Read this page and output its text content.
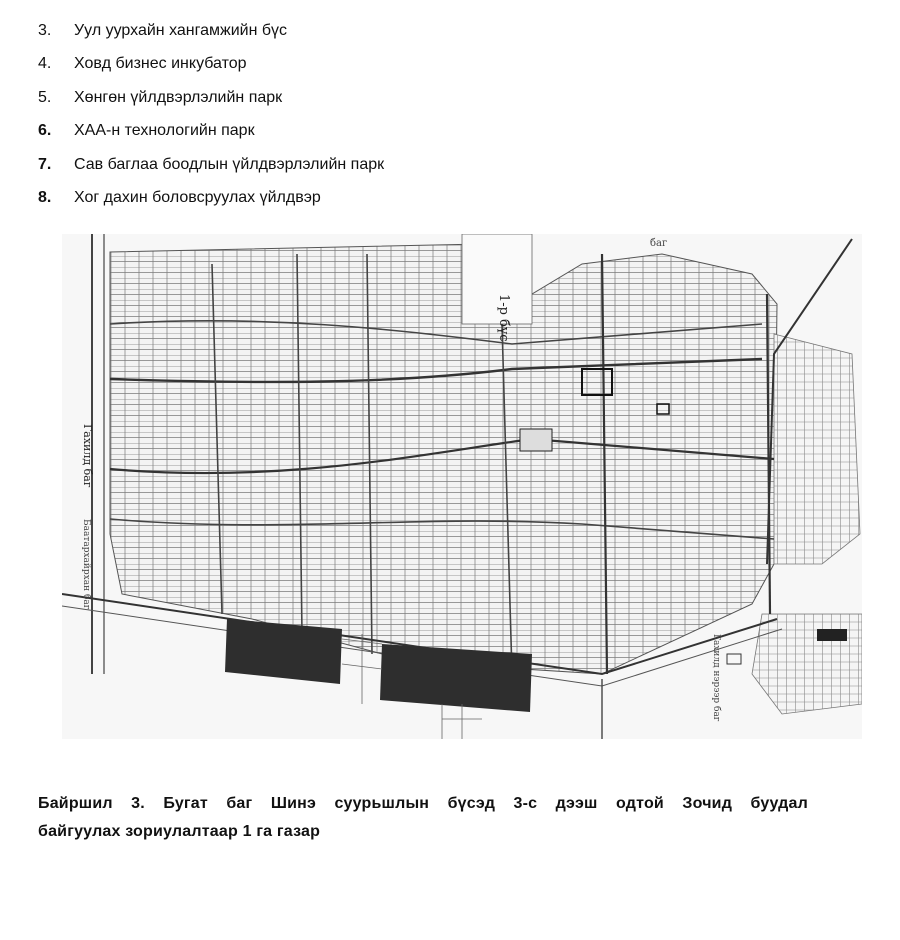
3.	Уул уурхайн хангамжийн бүс
4.	Ховд бизнес инкубатор
5.	Хөнгөн үйлдвэрлэлийн парк
6.	ХАА-н технологийн парк
7.	Сав баглаа боодлын үйлдвэрлэлийн парк
8.	Хог дахин боловсруулах үйлдвэр
1-р бүс
Гахилд баг
Баатархайрхан баг
баг
Гахилд нэрээр баг
Байршил 3. Бугат баг Шинэ суурьшлын бүсэд 3-с дээш одтой Зочид буудал
байгуулах зориулалтаар 1 га газар
